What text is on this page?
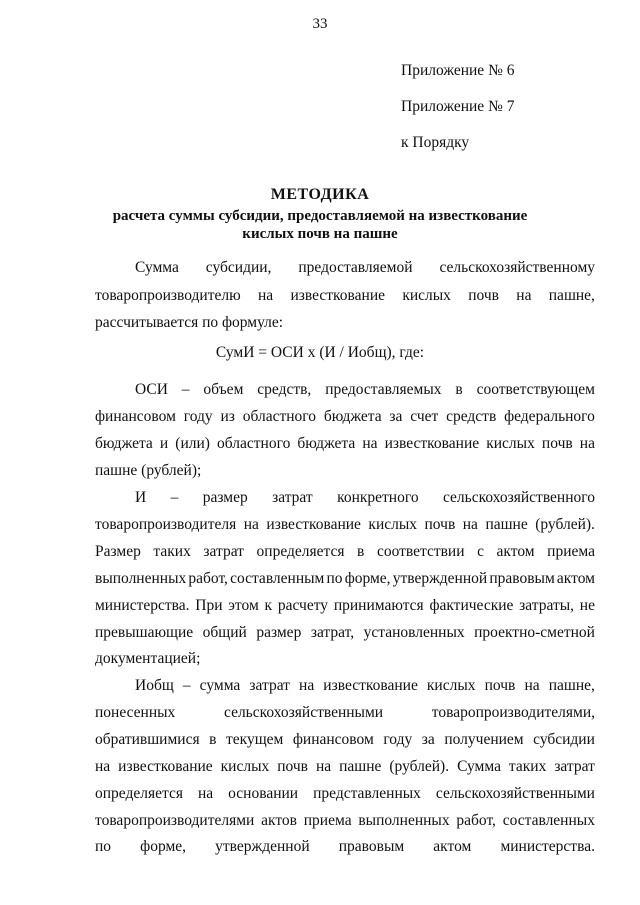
33
Приложение № 6
Приложение № 7
к Порядку
МЕТОДИКА
расчета суммы субсидии, предоставляемой на известкование
кислых почв на пашне
Сумма субсидии, предоставляемой сельскохозяйственному
товаропроизводителю на известкование кислых почв на пашне,
рассчитывается по формуле:
СумИ = ОСИ х (И / Иобщ), где:
ОСИ – объем средств, предоставляемых в соответствующем
финансовом году из областного бюджета за счет средств федерального
бюджета и (или) областного бюджета на известкование кислых почв на
пашне (рублей);
И – размер затрат конкретного сельскохозяйственного
товаропроизводителя на известкование кислых почв на пашне (рублей).
Размер таких затрат определяется в соответствии с актом приема
выполненных работ, составленным по форме, утвержденной правовым актом
министерства. При этом к расчету принимаются фактические затраты, не
превышающие общий размер затрат, установленных проектно-сметной
документацией;
Иобщ – сумма затрат на известкование кислых почв на пашне,
понесенных	сельскохозяйственными	товаропроизводителями,
обратившимися в текущем финансовом году за получением субсидии
на известкование кислых почв на пашне (рублей). Сумма таких затрат
определяется на основании представленных сельскохозяйственными
товаропроизводителями актов приема выполненных работ, составленных
по форме, утвержденной правовым актом министерства.
